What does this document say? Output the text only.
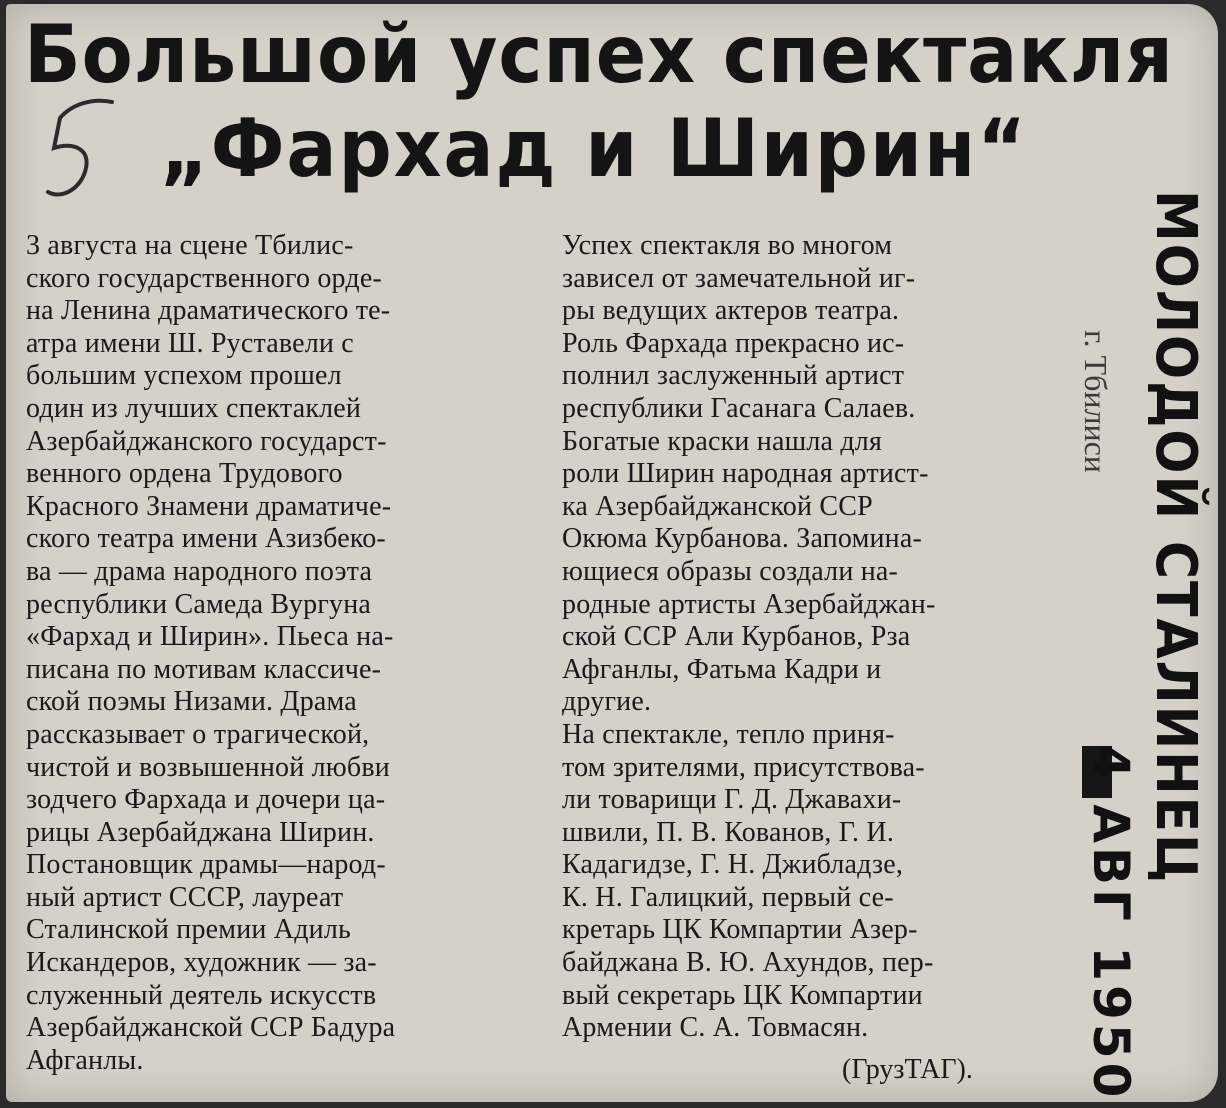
Большой успех спектакля
„Фархад и Ширин“
3 августа на сцене Тбилис-
ского государственного орде-
на Ленина драматического те-
атра имени Ш. Руставели с
большим успехом прошел
один из лучших спектаклей
Азербайджанского государст-
венного ордена Трудового
Красного Знамени драматиче-
ского театра имени Азизбеко-
ва — драма народного поэта
республики Самеда Вургуна
«Фархад и Ширин». Пьеса на-
писана по мотивам классиче-
ской поэмы Низами. Драма
рассказывает о трагической,
чистой и возвышенной любви
зодчего Фархада и дочери ца-
рицы Азербайджана Ширин.
Постановщик драмы—народ-
ный артист СССР, лауреат
Сталинской премии Адиль
Искандеров, художник — за-
служенный деятель искусств
Азербайджанской ССР Бадура
Афганлы.
Успех спектакля во многом
зависел от замечательной иг-
ры ведущих актеров театра.
Роль Фархада прекрасно ис-
полнил заслуженный артист
республики Гасанага Салаев.
Богатые краски нашла для
роли Ширин народная артист-
ка Азербайджанской ССР
Окюма Курбанова. Запомина-
ющиеся образы создали на-
родные артисты Азербайджан-
ской ССР Али Курбанов, Рза
Афганлы, Фатьма Кадри и
другие.
На спектакле, тепло приня-
том зрителями, присутствова-
ли товарищи Г. Д. Джавахи-
швили, П. В. Кованов, Г. И.
Кадагидзе, Г. Н. Джибладзе,
К. Н. Галицкий, первый се-
кретарь ЦК Компартии Азер-
байджана В. Ю. Ахундов, пер-
вый секретарь ЦК Компартии
Армении С. А. Товмасян.
(ГрузТАГ).
МОЛОДОЙ СТАЛИНЕЦ
г. Тбилиси
4 АВГ 1950
